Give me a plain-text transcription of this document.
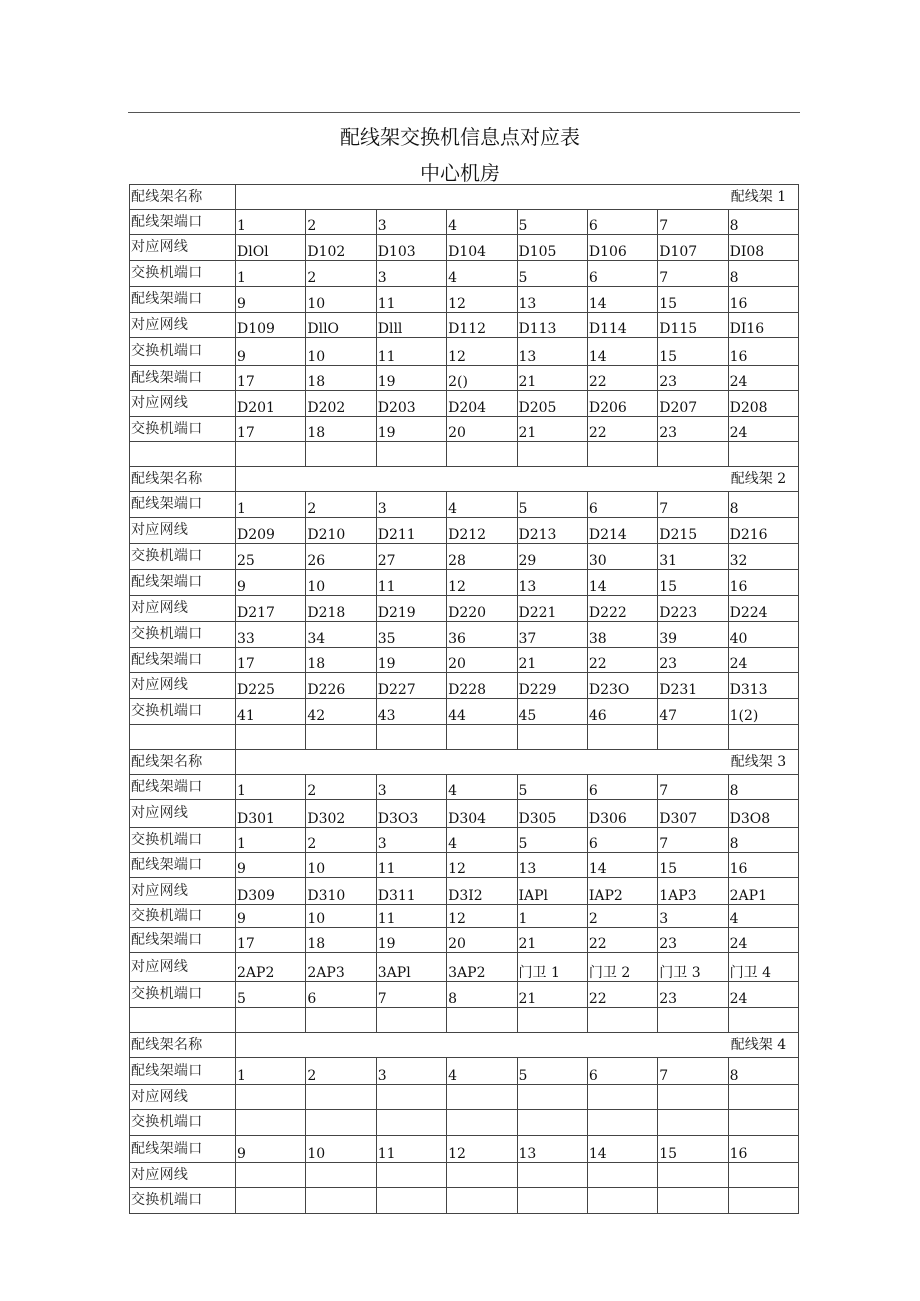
配线架交换机信息点对应表
中心机房
配线架名称	配线架 1							
配线架端口	1	2	3	4	5	6	7	8
对应网线	DlOl	D102	D103	D104	D105	D106	D107	DI08
交换机端口	1	2	3	4	5	6	7	8
配线架端口	9	10	11	12	13	14	15	16
对应网线	D109	DllO	Dlll	D112	D113	D114	D115	DI16
交换机端口	9	10	11	12	13	14	15	16
配线架端口	17	18	19	2()	21	22	23	24
对应网线	D201	D202	D203	D204	D205	D206	D207	D208
交换机端口	17	18	19	20	21	22	23	24

配线架名称	配线架 2							
配线架端口	1	2	3	4	5	6	7	8
对应网线	D209	D210	D211	D212	D213	D214	D215	D216
交换机端口	25	26	27	28	29	30	31	32
配线架端口	9	10	11	12	13	14	15	16
对应网线	D217	D218	D219	D220	D221	D222	D223	D224
交换机端口	33	34	35	36	37	38	39	40
配线架端口	17	18	19	20	21	22	23	24
对应网线	D225	D226	D227	D228	D229	D23O	D231	D313
交换机端口	41	42	43	44	45	46	47	1(2)

配线架名称	配线架 3							
配线架端口	1	2	3	4	5	6	7	8
对应网线	D301	D302	D3O3	D304	D305	D306	D307	D3O8
交换机端口	1	2	3	4	5	6	7	8
配线架端口	9	10	11	12	13	14	15	16
对应网线	D309	D310	D311	D3I2	IAPl	IAP2	1AP3	2AP1
交换机端口	9	10	11	12	1	2	3	4
配线架端口	17	18	19	20	21	22	23	24
对应网线	2AP2	2AP3	3APl	3AP2	门卫 1	门卫 2	门卫 3	门卫 4
交换机端口	5	6	7	8	21	22	23	24

配线架名称	配线架 4							
配线架端口	1	2	3	4	5	6	7	8
对应网线								
交换机端口								
配线架端口	9	10	11	12	13	14	15	16
对应网线								
交换机端口								
